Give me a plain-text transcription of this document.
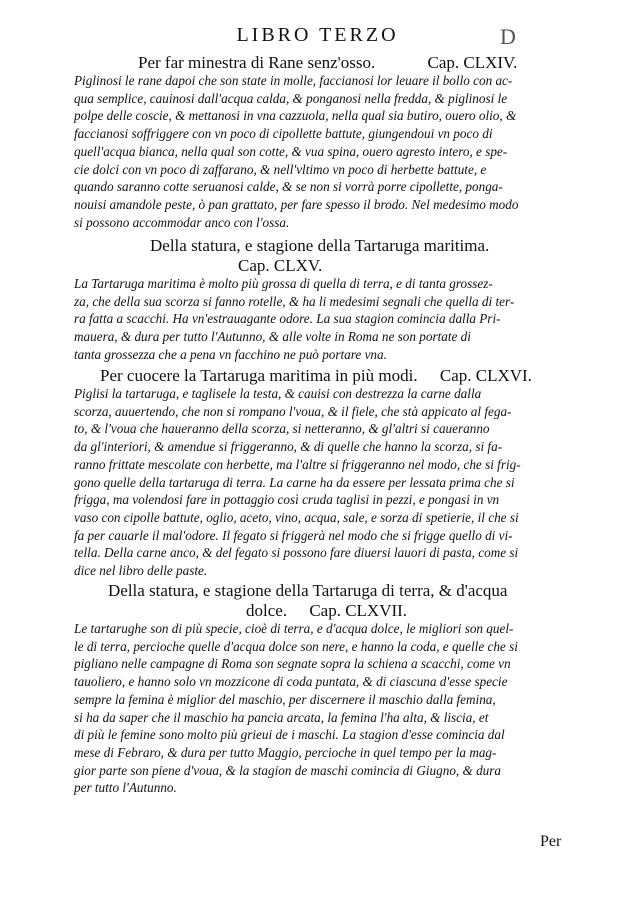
LIBRO TERZO	D
Per far minestra di Rane senz'osso.	Cap. CLXIV.
Piglinosi le rane dapoi che son state in molle, faccianosi lor leuare il bollo con ac-
qua semplice, cauinosi dall'acqua calda, & ponganosi nella fredda, & piglinosi le
polpe delle coscie, & mettanosi in vna cazzuola, nella qual sia butiro, ouero olio, &
faccianosi soffriggere con vn poco di cipollette battute, giungendoui vn poco di
quell'acqua bianca, nella qual son cotte, & vua spina, ouero agresto intero, e spe-
cie dolci con vn poco di zaffarano, & nell'vltimo vn poco di herbette battute, e
quando saranno cotte seruanosi calde, & se non si vorrà porre cipollette, ponga-
nouisi amandole peste, ò pan grattato, per fare spesso il brodo. Nel medesimo modo
si possono accommodar anco con l'ossa.
Della statura, e stagione della Tartaruga maritima.
Cap. CLXV.
La Tartaruga maritima è molto più grossa di quella di terra, e di tanta grossez-
za, che della sua scorza si fanno rotelle, & ha li medesimi segnali che quella di ter-
ra fatta a scacchi. Ha vn'estrauagante odore. La sua stagion comincia dalla Pri-
mauera, & dura per tutto l'Autunno, & alle volte in Roma ne son portate di
tanta grossezza che a pena vn facchino ne può portare vna.
Per cuocere la Tartaruga maritima in più modi. Cap. CLXVI.
Piglisi la tartaruga, e taglisele la testa, & cauisi con destrezza la carne dalla
scorza, auuertendo, che non si rompano l'voua, & il fiele, che stà appicato al fega-
to, & l'voua che haueranno della scorza, si netteranno, & gl'altri si caueranno
da gl'interiori, & amendue si friggeranno, & di quelle che hanno la scorza, si fa-
ranno frittate mescolate con herbette, ma l'altre si friggeranno nel modo, che si frig-
gono quelle della tartaruga di terra. La carne ha da essere per lessata prima che si
frigga, ma volendosi fare in pottaggio così cruda taglisi in pezzi, e pongasi in vn
vaso con cipolle battute, oglio, aceto, vino, acqua, sale, e sorza di spetierie, il che si
fa per cauarle il mal'odore. Il fegato si friggerà nel modo che si frigge quello di vi-
tella. Della carne anco, & del fegato si possono fare diuersi lauori di pasta, come si
dice nel libro delle paste.
Della statura, e stagione della Tartaruga di terra, & d'acqua
dolce. Cap. CLXVII.
Le tartarughe son di più specie, cioè di terra, e d'acqua dolce, le migliori son quel-
le di terra, percioche quelle d'acqua dolce son nere, e hanno la coda, e quelle che si
pigliano nelle campagne di Roma son segnate sopra la schiena a scacchi, come vn
tauoliero, e hanno solo vn mozzicone di coda puntata, & di ciascuna d'esse specie
sempre la femina è miglior del maschio, per discernere il maschio dalla femina,
si ha da saper che il maschio ha pancia arcata, la femina l'ha alta, & liscia, et
di più le femine sono molto più grieui de i maschi. La stagion d'esse comincia dal
mese di Febraro, & dura per tutto Maggio, percioche in quel tempo per la mag-
gior parte son piene d'voua, & la stagion de maschi comincia di Giugno, & dura
per tutto l'Autunno.
Per
